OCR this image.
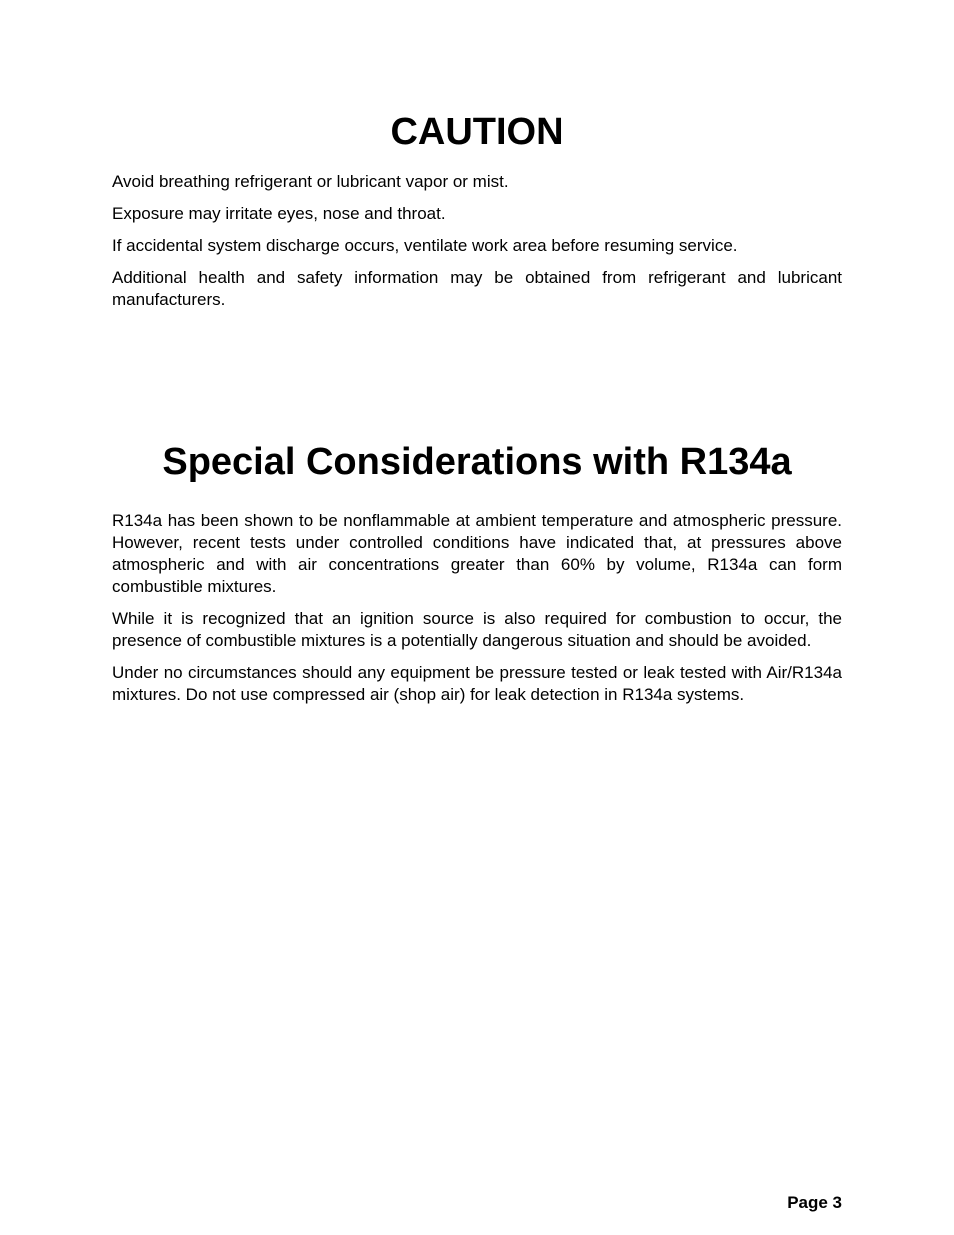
CAUTION

Avoid breathing refrigerant or lubricant vapor or mist.

Exposure may irritate eyes, nose and throat.

If accidental system discharge occurs, ventilate work area before resuming service.

Additional health and safety information may be obtained from refrigerant and lubricant manufacturers.

Special Considerations with R134a

R134a has been shown to be nonflammable at ambient temperature and atmospheric pressure. However, recent tests under controlled conditions have indicated that, at pressures above atmospheric and with air concentrations greater than 60% by volume, R134a can form combustible mixtures.

While it is recognized that an ignition source is also required for combustion to occur, the presence of combustible mixtures is a potentially dangerous situation and should be avoided.

Under no circumstances should any equipment be pressure tested or leak tested with Air/R134a mixtures. Do not use compressed air (shop air) for leak detection in R134a systems.

Page 3
